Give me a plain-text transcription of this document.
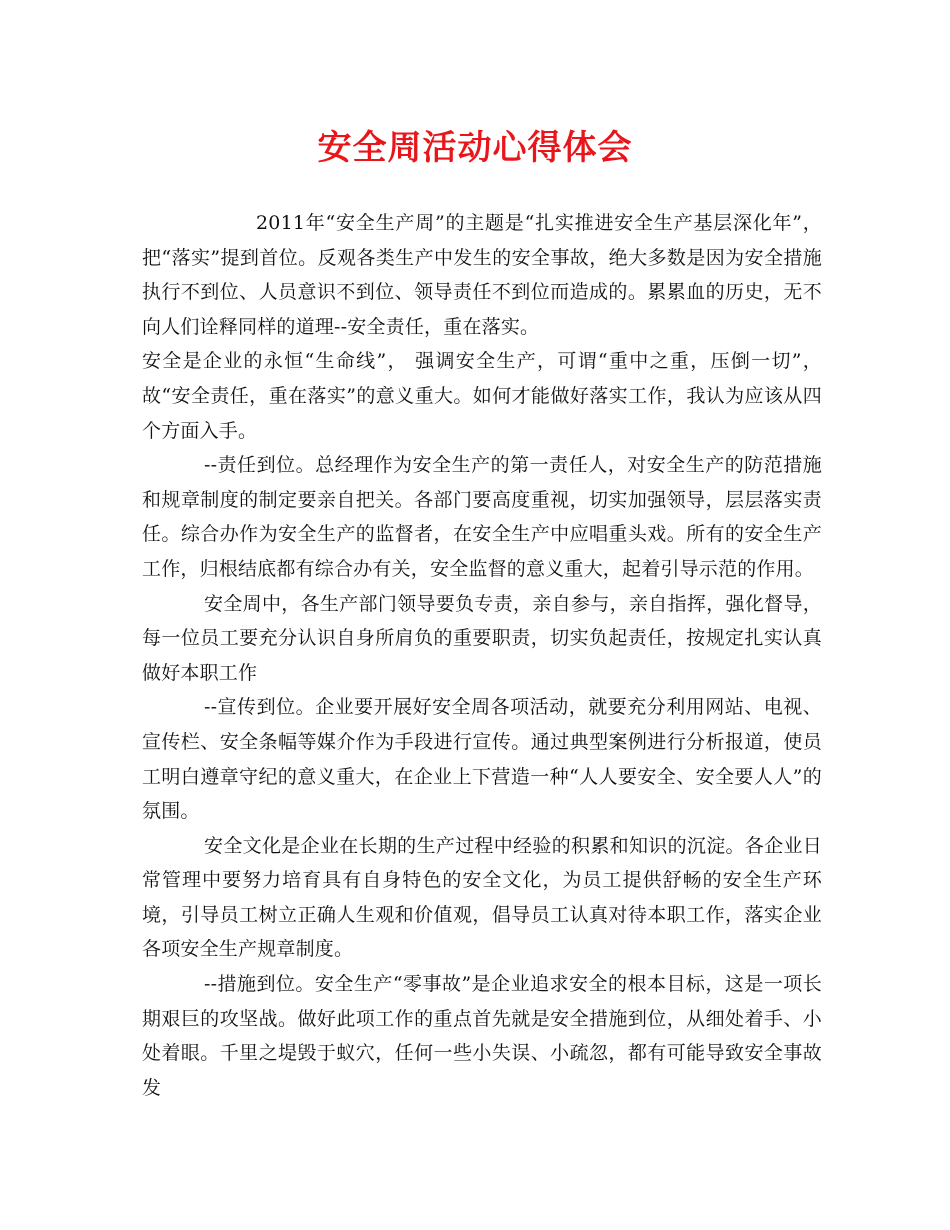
安全周活动心得体会

2011年“安全生产周”的主题是“扎实推进安全生产基层深化年”，把“落实”提到首位。反观各类生产中发生的安全事故，绝大多数是因为安全措施执行不到位、人员意识不到位、领导责任不到位而造成的。累累血的历史，无不向人们诠释同样的道理--安全责任，重在落实。

安全是企业的永恒“生命线”， 强调安全生产，可谓“重中之重，压倒一切”，故“安全责任，重在落实”的意义重大。如何才能做好落实工作，我认为应该从四个方面入手。

--责任到位。总经理作为安全生产的第一责任人，对安全生产的防范措施和规章制度的制定要亲自把关。各部门要高度重视，切实加强领导，层层落实责任。综合办作为安全生产的监督者，在安全生产中应唱重头戏。所有的安全生产工作，归根结底都有综合办有关，安全监督的意义重大，起着引导示范的作用。

安全周中，各生产部门领导要负专责，亲自参与，亲自指挥，强化督导，每一位员工要充分认识自身所肩负的重要职责，切实负起责任，按规定扎实认真做好本职工作

--宣传到位。企业要开展好安全周各项活动，就要充分利用网站、电视、宣传栏、安全条幅等媒介作为手段进行宣传。通过典型案例进行分析报道，使员工明白遵章守纪的意义重大，在企业上下营造一种“人人要安全、安全要人人”的氛围。

安全文化是企业在长期的生产过程中经验的积累和知识的沉淀。各企业日常管理中要努力培育具有自身特色的安全文化，为员工提供舒畅的安全生产环境，引导员工树立正确人生观和价值观，倡导员工认真对待本职工作，落实企业各项安全生产规章制度。

--措施到位。安全生产“零事故”是企业追求安全的根本目标，这是一项长期艰巨的攻坚战。做好此项工作的重点首先就是安全措施到位，从细处着手、小处着眼。千里之堤毁于蚁穴，任何一些小失误、小疏忽，都有可能导致安全事故发
